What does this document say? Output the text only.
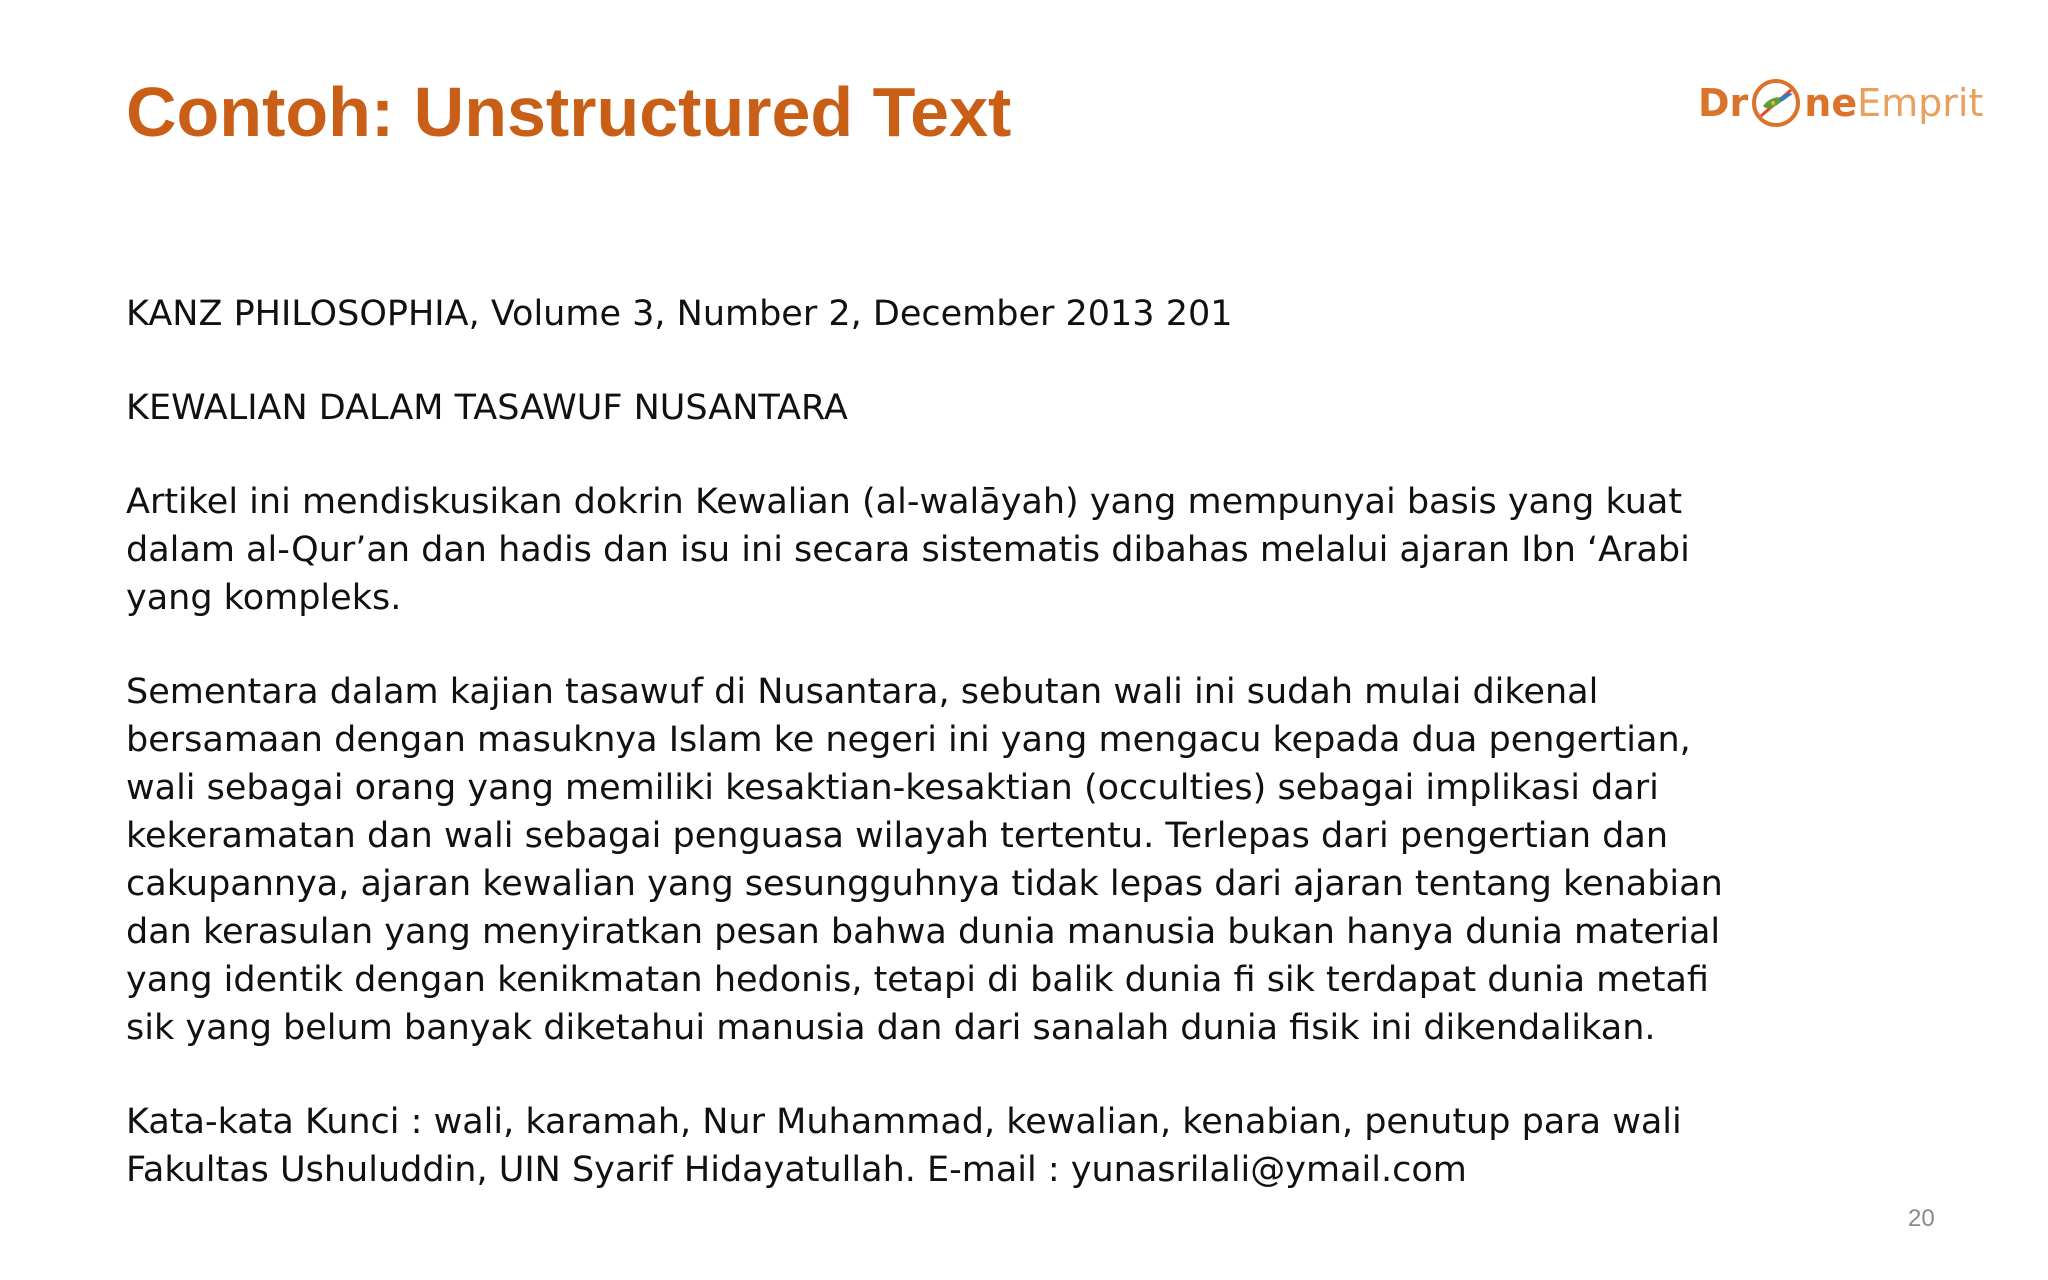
Contoh: Unstructured Text	Dr ne Emprit

KANZ PHILOSOPHIA, Volume 3, Number 2, December 2013 201

KEWALIAN DALAM TASAWUF NUSANTARA

Artikel ini mendiskusikan dokrin Kewalian (al-walāyah) yang mempunyai basis yang kuat
dalam al-Qur’an dan hadis dan isu ini secara sistematis dibahas melalui ajaran Ibn ‘Arabi
yang kompleks.

Sementara dalam kajian tasawuf di Nusantara, sebutan wali ini sudah mulai dikenal
bersamaan dengan masuknya Islam ke negeri ini yang mengacu kepada dua pengertian,
wali sebagai orang yang memiliki kesaktian-kesaktian (occulties) sebagai implikasi dari
kekeramatan dan wali sebagai penguasa wilayah tertentu. Terlepas dari pengertian dan
cakupannya, ajaran kewalian yang sesungguhnya tidak lepas dari ajaran tentang kenabian
dan kerasulan yang menyiratkan pesan bahwa dunia manusia bukan hanya dunia material
yang identik dengan kenikmatan hedonis, tetapi di balik dunia fi sik terdapat dunia metafi
sik yang belum banyak diketahui manusia dan dari sanalah dunia fisik ini dikendalikan.

Kata-kata Kunci : wali, karamah, Nur Muhammad, kewalian, kenabian, penutup para wali
Fakultas Ushuluddin, UIN Syarif Hidayatullah. E-mail : yunasrilali@ymail.com

20
